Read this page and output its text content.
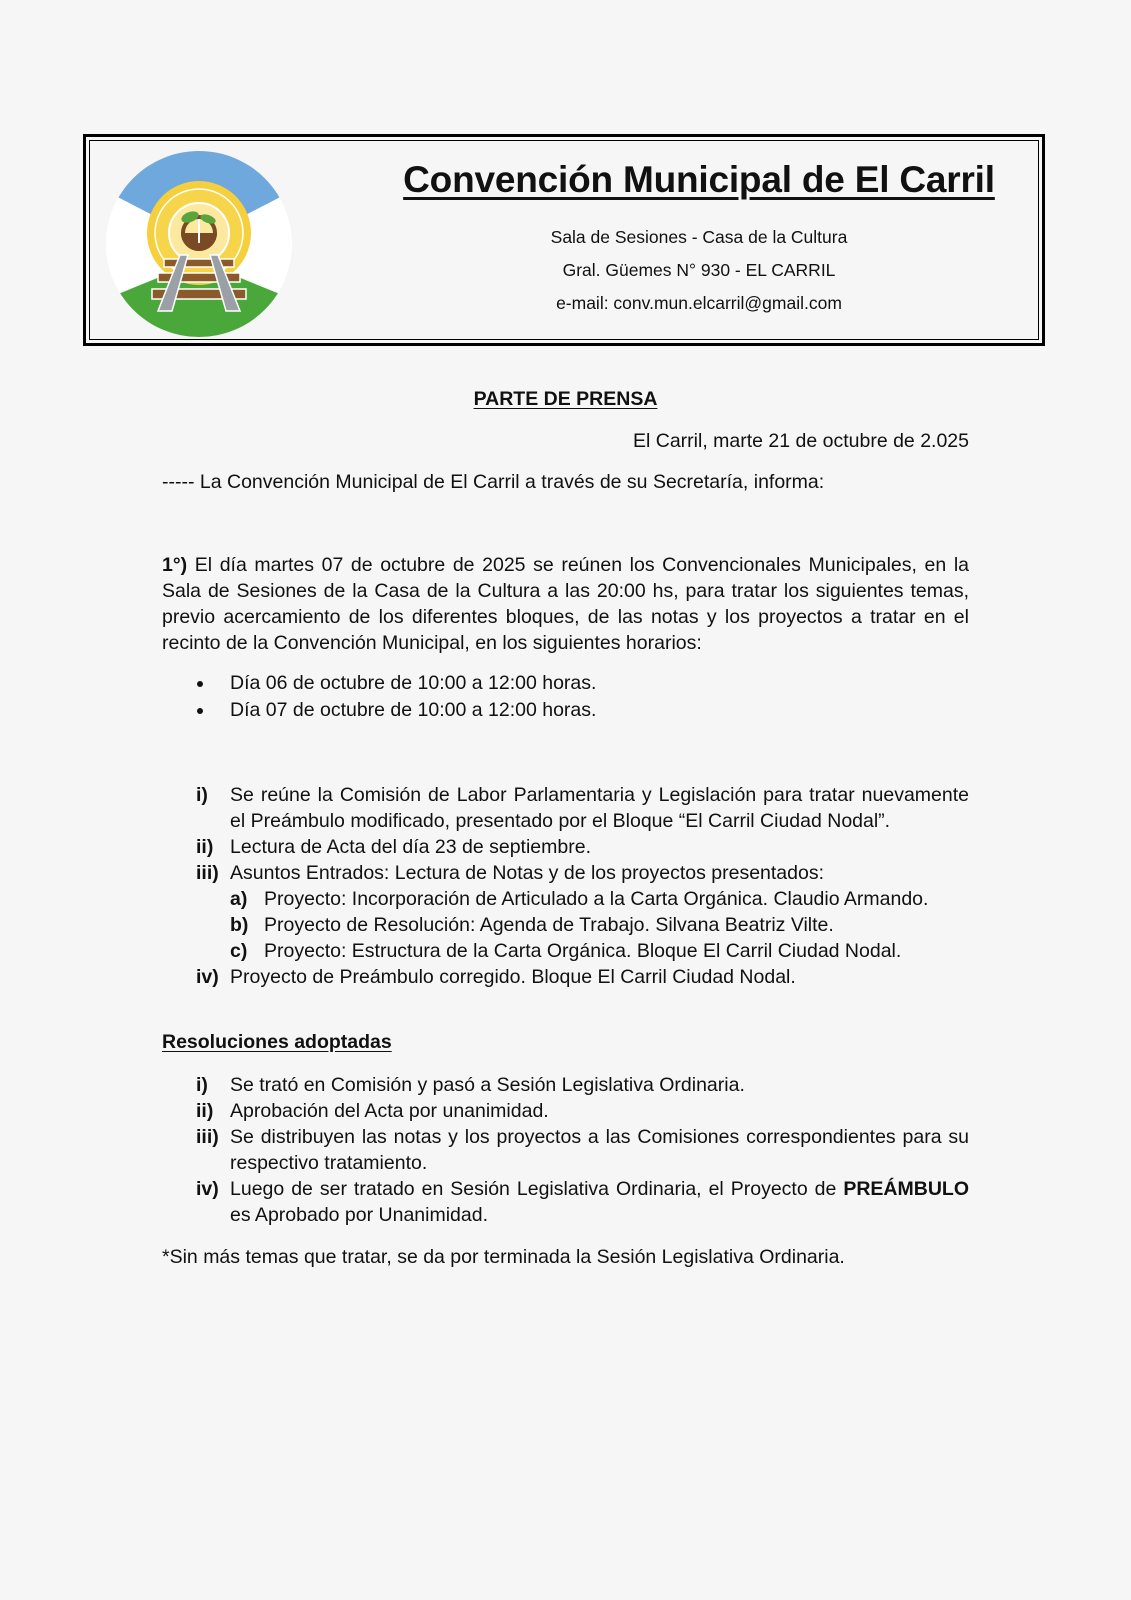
Convención Municipal de El Carril
Sala de Sesiones - Casa de la Cultura
Gral. Güemes N° 930 - EL CARRIL
e-mail: conv.mun.elcarril@gmail.com
PARTE DE PRENSA
El Carril, marte 21 de octubre de 2.025
----- La Convención Municipal de El Carril a través de su Secretaría, informa:
1°) El día martes 07 de octubre de 2025 se reúnen los Convencionales Municipales, en la Sala de Sesiones de la Casa de la Cultura a las 20:00 hs, para tratar los siguientes temas, previo acercamiento de los diferentes bloques, de las notas y los proyectos a tratar en el recinto de la Convención Municipal, en los siguientes horarios:
Día 06 de octubre de 10:00 a 12:00 horas.
Día 07 de octubre de 10:00 a 12:00 horas.
i) Se reúne la Comisión de Labor Parlamentaria y Legislación para tratar nuevamente el Preámbulo modificado, presentado por el Bloque “El Carril Ciudad Nodal”.
ii) Lectura de Acta del día 23 de septiembre.
iii) Asuntos Entrados: Lectura de Notas y de los proyectos presentados:
a) Proyecto: Incorporación de Articulado a la Carta Orgánica. Claudio Armando.
b) Proyecto de Resolución: Agenda de Trabajo. Silvana Beatriz Vilte.
c) Proyecto: Estructura de la Carta Orgánica. Bloque El Carril Ciudad Nodal.
iv) Proyecto de Preámbulo corregido. Bloque El Carril Ciudad Nodal.
Resoluciones adoptadas
i) Se trató en Comisión y pasó a Sesión Legislativa Ordinaria.
ii) Aprobación del Acta por unanimidad.
iii) Se distribuyen las notas y los proyectos a las Comisiones correspondientes para su respectivo tratamiento.
iv) Luego de ser tratado en Sesión Legislativa Ordinaria, el Proyecto de PREÁMBULO es Aprobado por Unanimidad.
*Sin más temas que tratar, se da por terminada la Sesión Legislativa Ordinaria.
